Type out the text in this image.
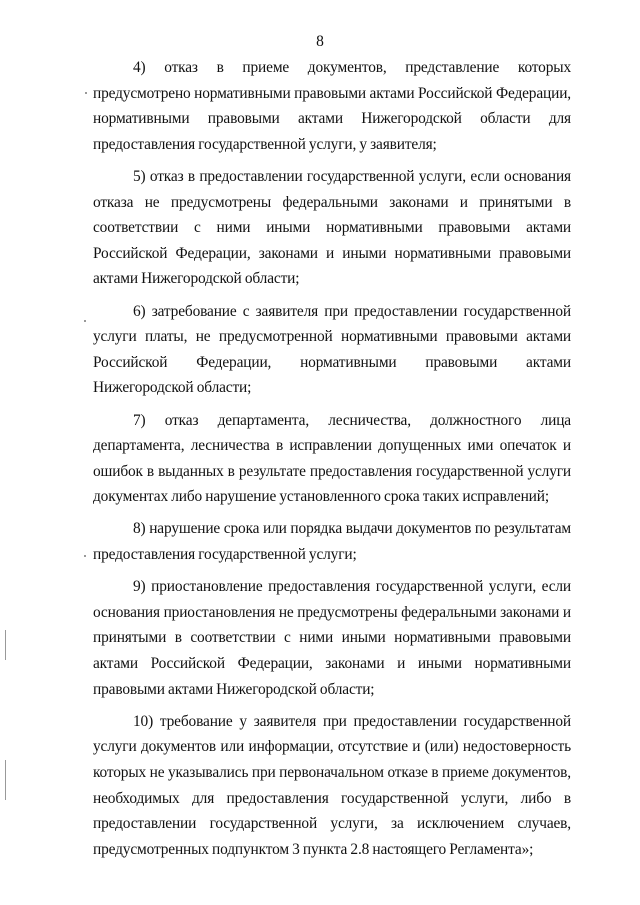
8

4) отказ в приеме документов, представление которых предусмотрено нормативными правовыми актами Российской Федерации, нормативными правовыми актами Нижегородской области для предоставления государственной услуги, у заявителя;

5) отказ в предоставлении государственной услуги, если основания отказа не предусмотрены федеральными законами и принятыми в соответствии с ними иными нормативными правовыми актами Российской Федерации, законами и иными нормативными правовыми актами Нижегородской области;

6) затребование с заявителя при предоставлении государственной услуги платы, не предусмотренной нормативными правовыми актами Российской Федерации, нормативными правовыми актами Нижегородской области;

7) отказ департамента, лесничества, должностного лица департамента, лесничества в исправлении допущенных ими опечаток и ошибок в выданных в результате предоставления государственной услуги документах либо нарушение установленного срока таких исправлений;

8) нарушение срока или порядка выдачи документов по результатам предоставления государственной услуги;

9) приостановление предоставления государственной услуги, если основания приостановления не предусмотрены федеральными законами и принятыми в соответствии с ними иными нормативными правовыми актами Российской Федерации, законами и иными нормативными правовыми актами Нижегородской области;

10) требование у заявителя при предоставлении государственной услуги документов или информации, отсутствие и (или) недостоверность которых не указывались при первоначальном отказе в приеме документов, необходимых для предоставления государственной услуги, либо в предоставлении государственной услуги, за исключением случаев, предусмотренных подпунктом 3 пункта 2.8 настоящего Регламента»;
